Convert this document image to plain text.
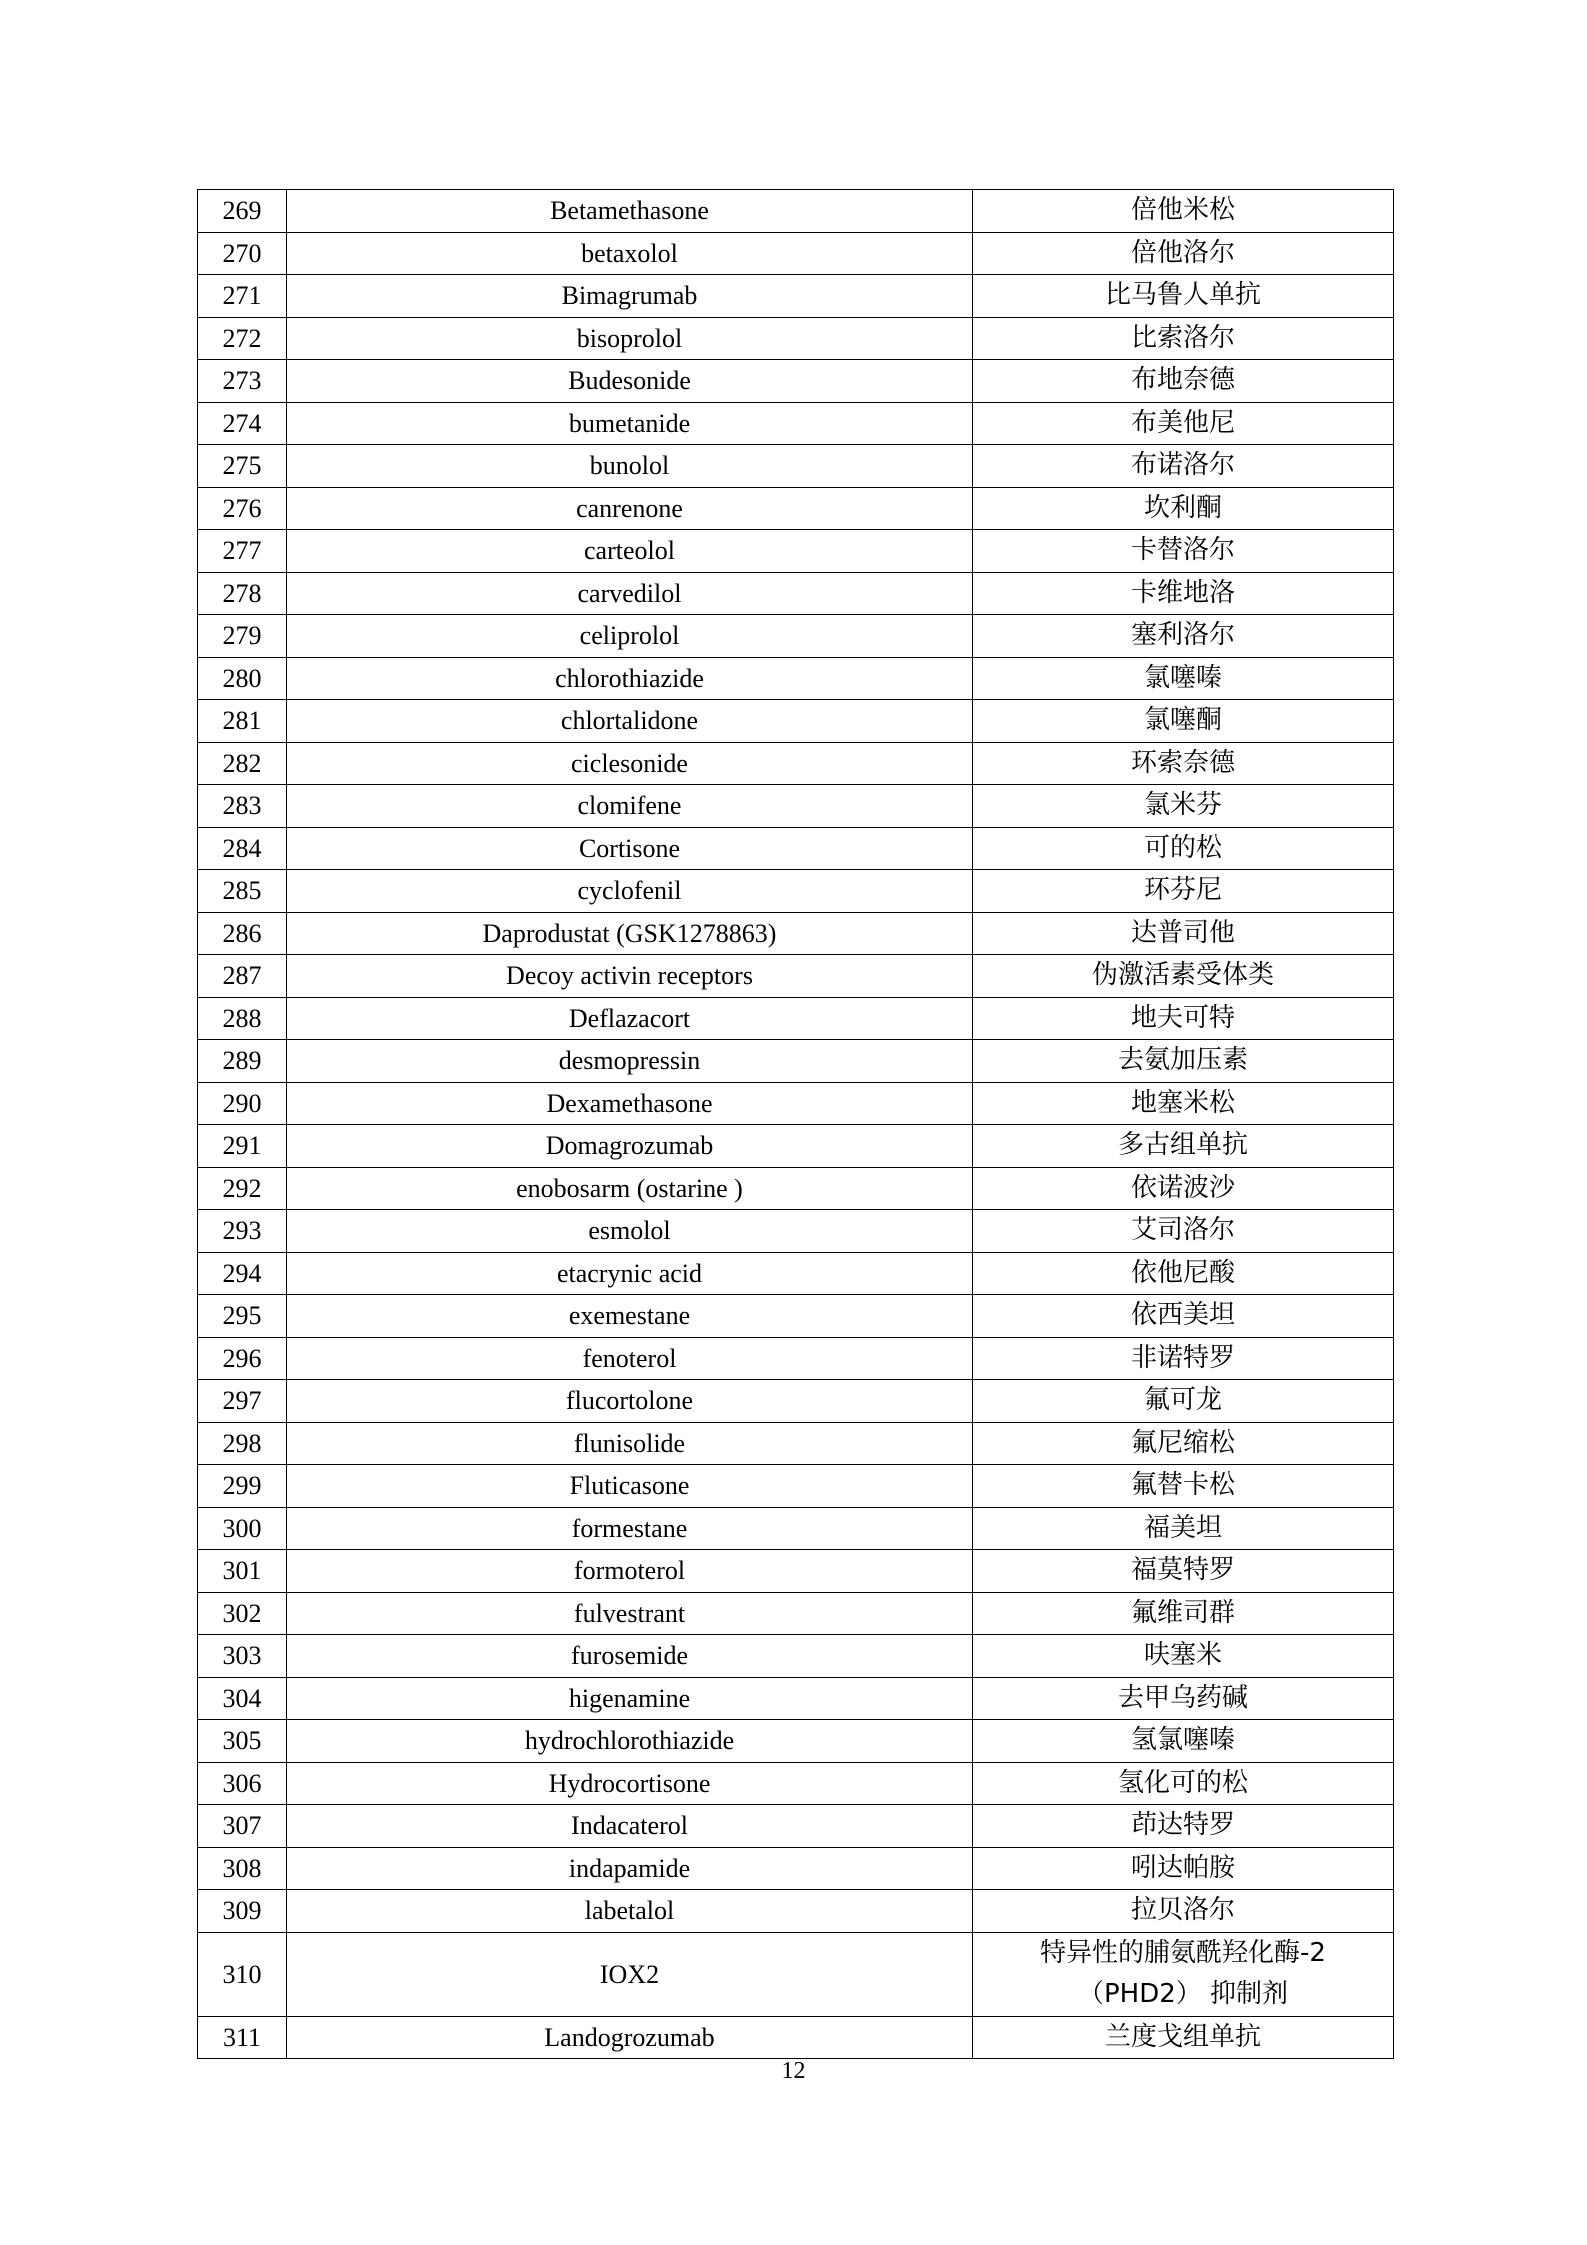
269	Betamethasone	倍他米松
270	betaxolol	倍他洛尔
271	Bimagrumab	比马鲁人单抗
272	bisoprolol	比索洛尔
273	Budesonide	布地奈德
274	bumetanide	布美他尼
275	bunolol	布诺洛尔
276	canrenone	坎利酮
277	carteolol	卡替洛尔
278	carvedilol	卡维地洛
279	celiprolol	塞利洛尔
280	chlorothiazide	氯噻嗪
281	chlortalidone	氯噻酮
282	ciclesonide	环索奈德
283	clomifene	氯米芬
284	Cortisone	可的松
285	cyclofenil	环芬尼
286	Daprodustat (GSK1278863)	达普司他
287	Decoy activin receptors	伪激活素受体类
288	Deflazacort	地夫可特
289	desmopressin	去氨加压素
290	Dexamethasone	地塞米松
291	Domagrozumab	多古组单抗
292	enobosarm (ostarine )	依诺波沙
293	esmolol	艾司洛尔
294	etacrynic acid	依他尼酸
295	exemestane	依西美坦
296	fenoterol	非诺特罗
297	flucortolone	氟可龙
298	flunisolide	氟尼缩松
299	Fluticasone	氟替卡松
300	formestane	福美坦
301	formoterol	福莫特罗
302	fulvestrant	氟维司群
303	furosemide	呋塞米
304	higenamine	去甲乌药碱
305	hydrochlorothiazide	氢氯噻嗪
306	Hydrocortisone	氢化可的松
307	Indacaterol	茚达特罗
308	indapamide	吲达帕胺
309	labetalol	拉贝洛尔
310	IOX2	特异性的脯氨酰羟化酶-2
（PHD2） 抑制剂

311	Landogrozumab	兰度戈组单抗
12
